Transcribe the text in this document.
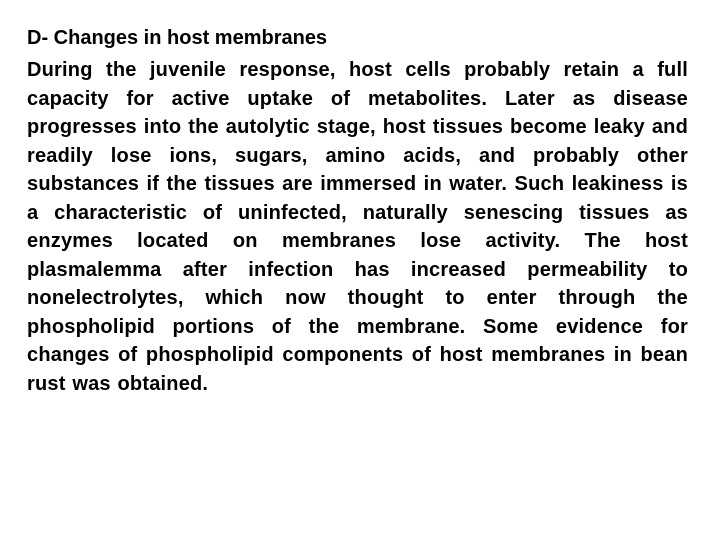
D- Changes in host membranes

During the juvenile response, host cells probably retain a full capacity for active uptake of metabolites. Later as disease progresses into the autolytic stage, host tissues become leaky and readily lose ions, sugars, amino acids, and probably other substances if the tissues are immersed in water. Such leakiness is a characteristic of uninfected, naturally senescing tissues as enzymes located on membranes lose activity. The host plasmalemma after infection has increased permeability to nonelectrolytes, which now thought to enter through the phospholipid portions of the membrane. Some evidence for changes of phospholipid components of host membranes in bean rust was obtained.
